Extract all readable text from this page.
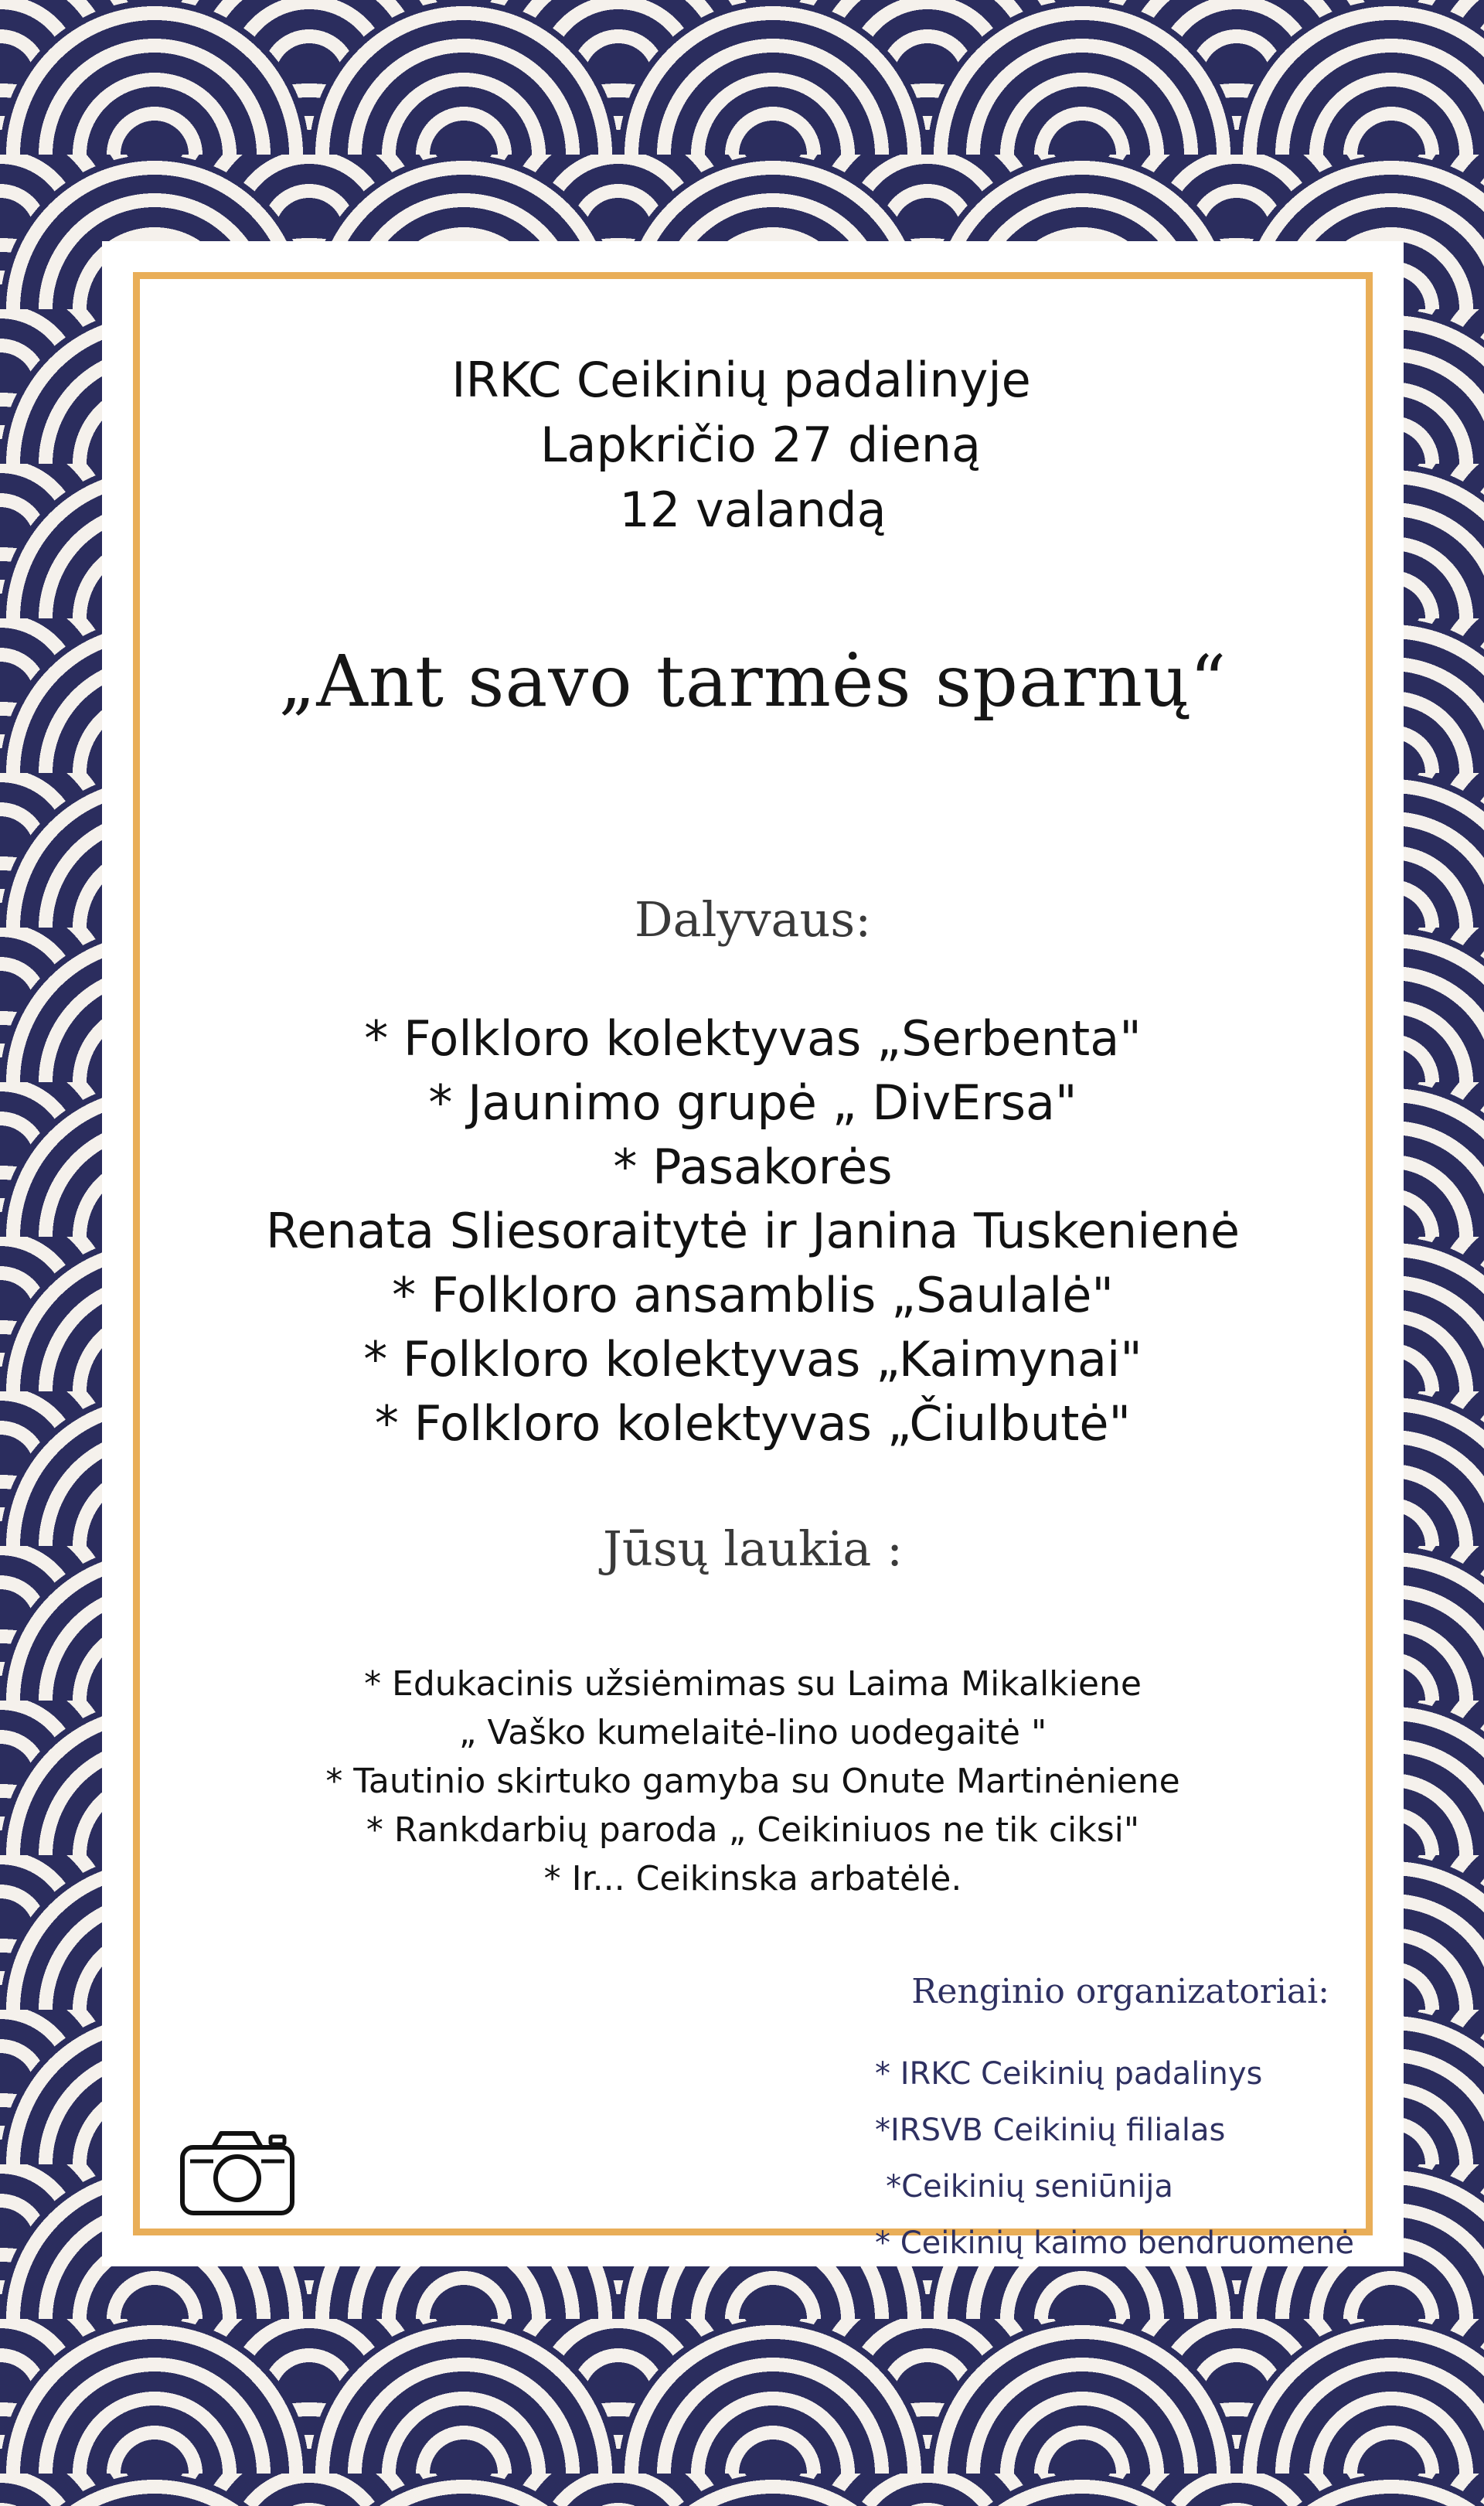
IRKC Ceikinių padalinyje
Lapkričio 27 dieną
12 valandą
„Ant savo tarmės sparnų“
Dalyvaus:
* Folkloro kolektyvas „Serbenta"
* Jaunimo grupė „ DivErsa"
* Pasakorės
Renata Sliesoraitytė ir Janina Tuskenienė
* Folkloro ansamblis „Saulalė"
* Folkloro kolektyvas „Kaimynai"
* Folkloro kolektyvas „Čiulbutė"
Jūsų laukia :
* Edukacinis užsiėmimas su Laima Mikalkiene
„ Vaško kumelaitė-lino uodegaitė "
* Tautinio skirtuko gamyba su Onute Martinėniene
* Rankdarbių paroda „ Ceikiniuos ne tik ciksi"
* Ir... Ceikinska arbatėlė.
Renginio organizatoriai:
* IRKC Ceikinių padalinys
*IRSVB Ceikinių filialas
*Ceikinių seniūnija
* Ceikinių kaimo bendruomenė
